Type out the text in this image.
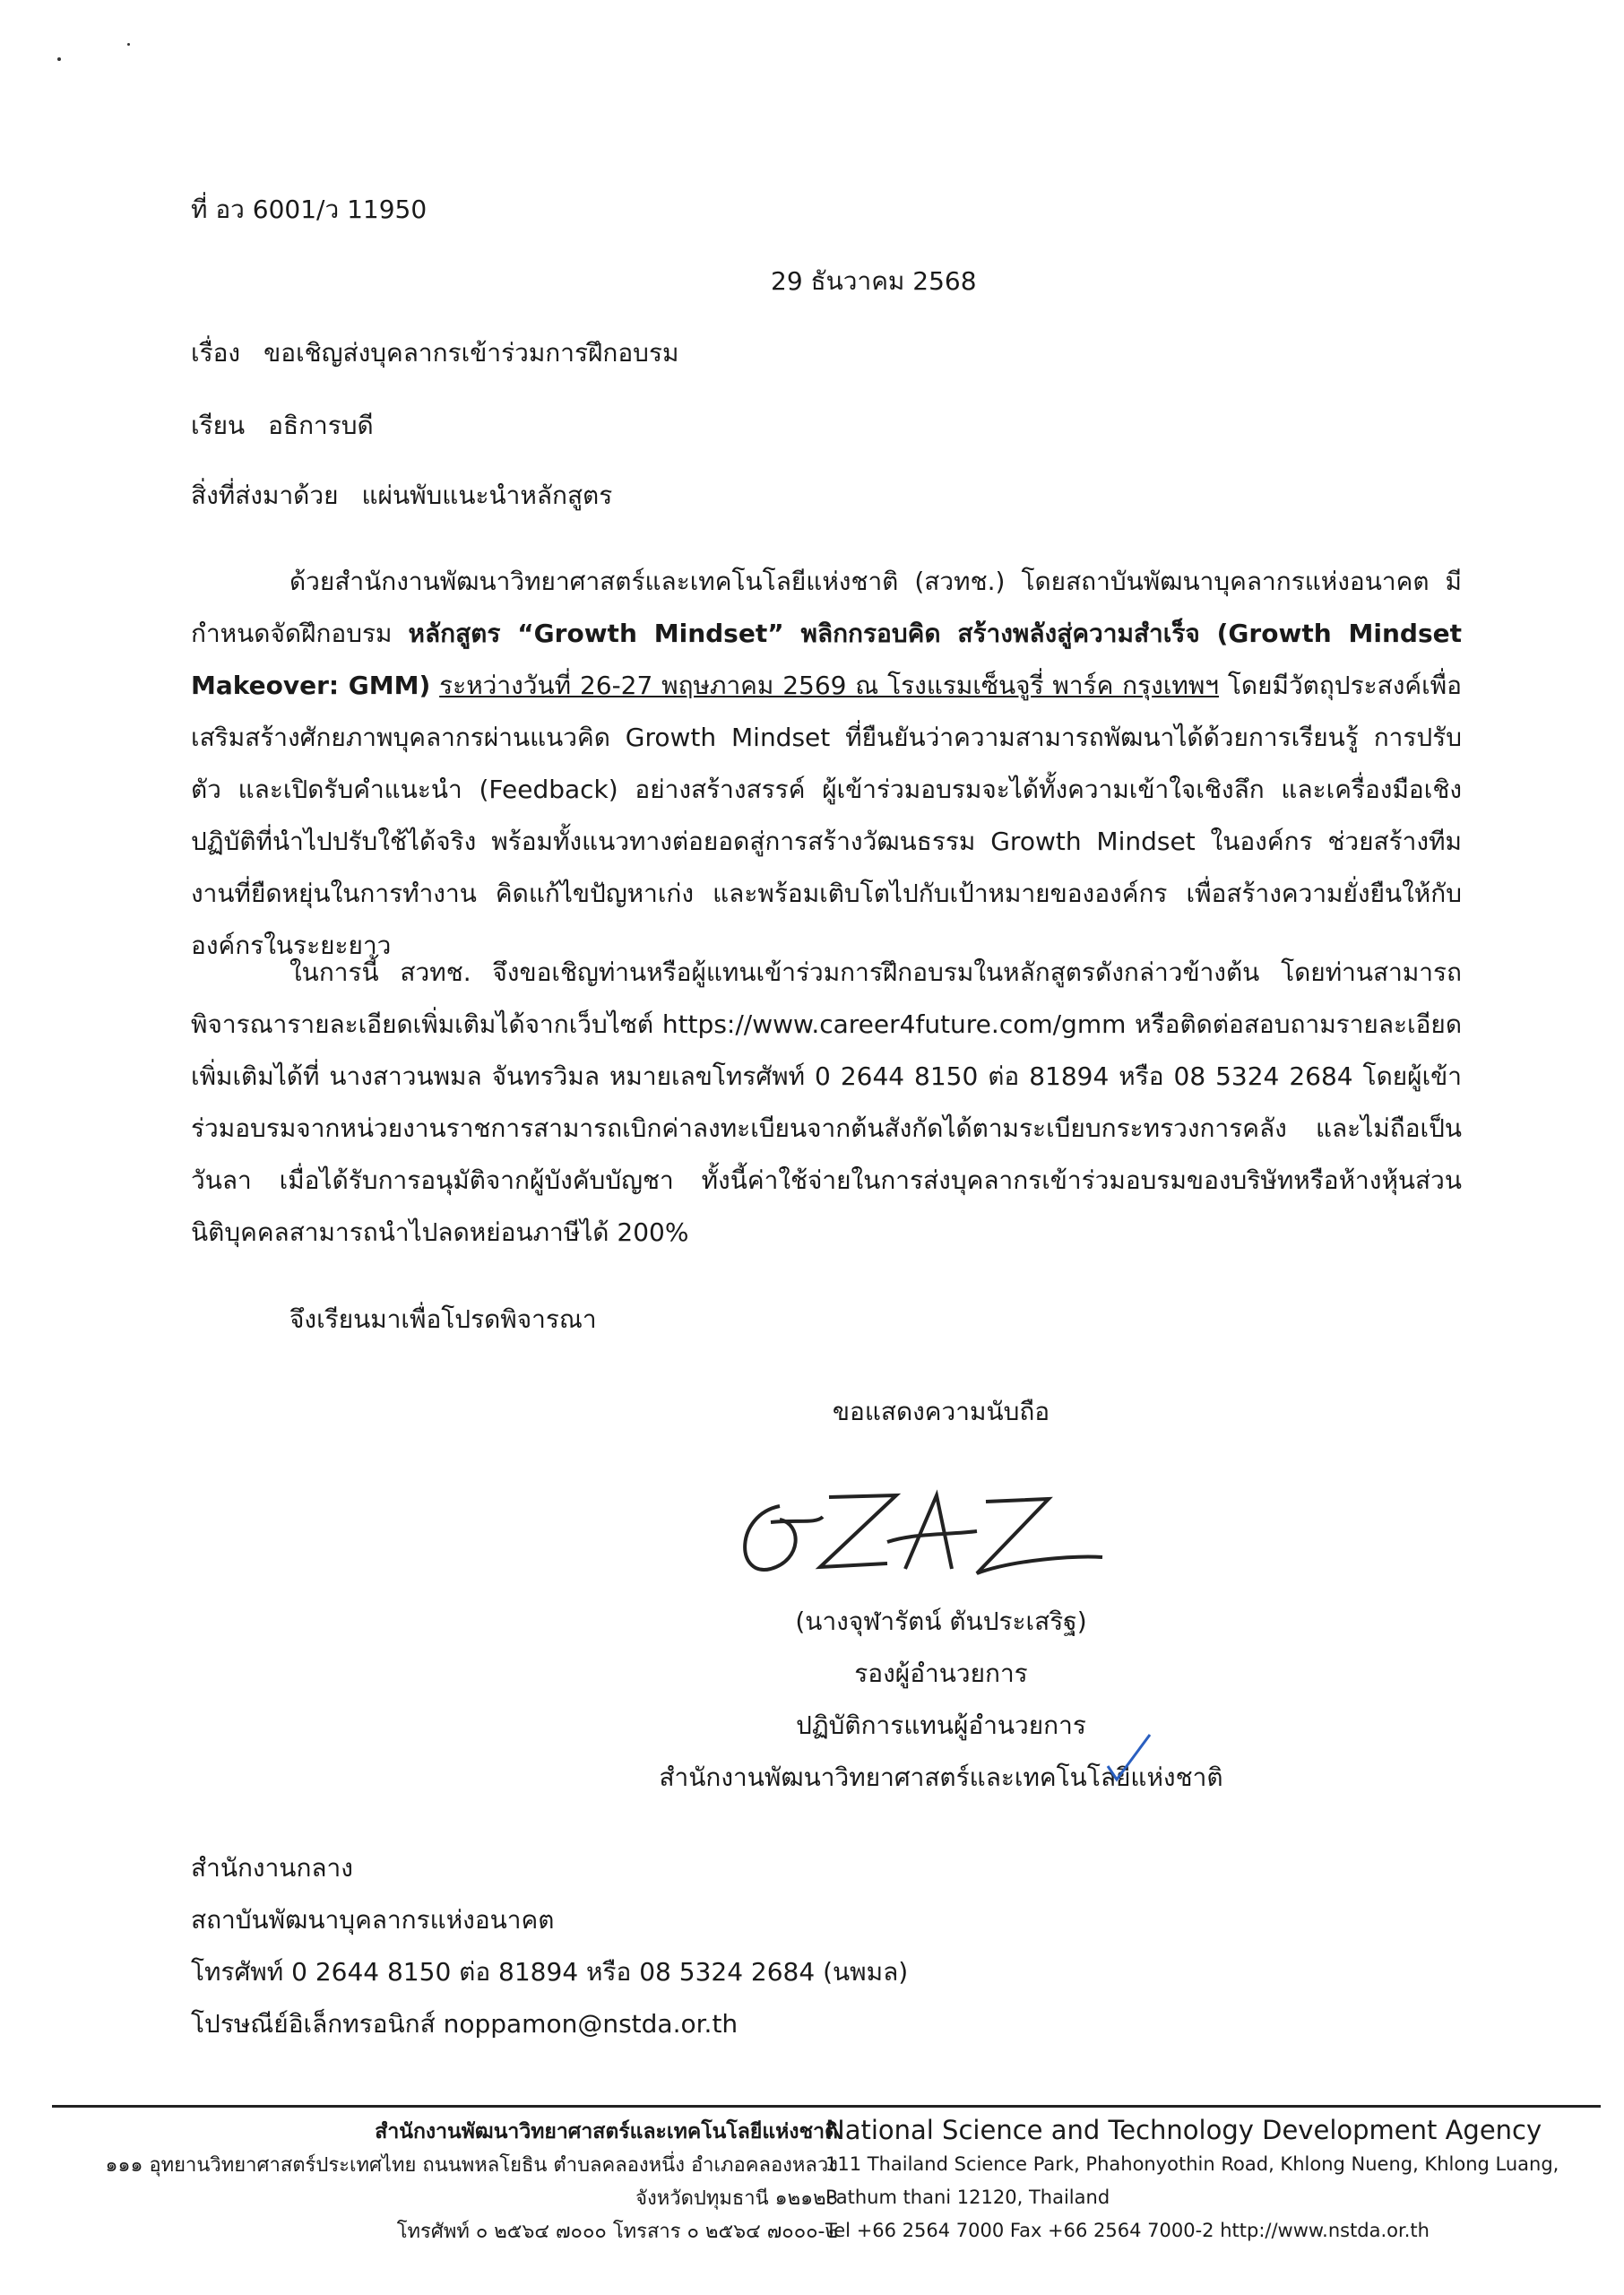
ที่ อว 6001/ว 11950
29 ธันวาคม 2568
เรื่อง ขอเชิญส่งบุคลากรเข้าร่วมการฝึกอบรม
เรียน อธิการบดี
สิ่งที่ส่งมาด้วย แผ่นพับแนะนำหลักสูตร

ด้วยสำนักงานพัฒนาวิทยาศาสตร์และเทคโนโลยีแห่งชาติ (สวทช.) โดยสถาบันพัฒนาบุคลากรแห่งอนาคต มีกำหนดจัดฝึกอบรม หลักสูตร “Growth Mindset” พลิกกรอบคิด สร้างพลังสู่ความสำเร็จ (Growth Mindset Makeover: GMM) ระหว่างวันที่ 26-27 พฤษภาคม 2569 ณ โรงแรมเซ็นจูรี่ พาร์ค กรุงเทพฯ โดยมีวัตถุประสงค์เพื่อเสริมสร้างศักยภาพบุคลากรผ่านแนวคิด Growth Mindset ที่ยืนยันว่าความสามารถพัฒนาได้ด้วยการเรียนรู้ การปรับตัว และเปิดรับคำแนะนำ (Feedback) อย่างสร้างสรรค์ ผู้เข้าร่วมอบรมจะได้ทั้งความเข้าใจเชิงลึก และเครื่องมือเชิงปฏิบัติที่นำไปปรับใช้ได้จริง พร้อมทั้งแนวทางต่อยอดสู่การสร้างวัฒนธรรม Growth Mindset ในองค์กร ช่วยสร้างทีมงานที่ยืดหยุ่นในการทำงาน คิดแก้ไขปัญหาเก่ง และพร้อมเติบโตไปกับเป้าหมายขององค์กร เพื่อสร้างความยั่งยืนให้กับองค์กรในระยะยาว

ในการนี้ สวทช. จึงขอเชิญท่านหรือผู้แทนเข้าร่วมการฝึกอบรมในหลักสูตรดังกล่าวข้างต้น โดยท่านสามารถพิจารณารายละเอียดเพิ่มเติมได้จากเว็บไซต์ https://www.career4future.com/gmm หรือติดต่อสอบถามรายละเอียดเพิ่มเติมได้ที่ นางสาวนพมล จันทรวิมล หมายเลขโทรศัพท์ 0 2644 8150 ต่อ 81894 หรือ 08 5324 2684 โดยผู้เข้าร่วมอบรมจากหน่วยงานราชการสามารถเบิกค่าลงทะเบียนจากต้นสังกัดได้ตามระเบียบกระทรวงการคลัง และไม่ถือเป็นวันลา เมื่อได้รับการอนุมัติจากผู้บังคับบัญชา ทั้งนี้ค่าใช้จ่ายในการส่งบุคลากรเข้าร่วมอบรมของบริษัทหรือห้างหุ้นส่วนนิติบุคคลสามารถนำไปลดหย่อนภาษีได้ 200%

จึงเรียนมาเพื่อโปรดพิจารณา

ขอแสดงความนับถือ
(นางจุฬารัตน์ ตันประเสริฐ)
รองผู้อำนวยการ
ปฏิบัติการแทนผู้อำนวยการ
สำนักงานพัฒนาวิทยาศาสตร์และเทคโนโลยีแห่งชาติ
สำนักงานกลาง
สถาบันพัฒนาบุคลากรแห่งอนาคต
โทรศัพท์ 0 2644 8150 ต่อ 81894 หรือ 08 5324 2684 (นพมล)
โปรษณีย์อิเล็กทรอนิกส์ noppamon@nstda.or.th
สำนักงานพัฒนาวิทยาศาสตร์และเทคโนโลยีแห่งชาติ
๑๑๑ อุทยานวิทยาศาสตร์ประเทศไทย ถนนพหลโยธิน ตำบลคลองหนึ่ง อำเภอคลองหลวง
จังหวัดปทุมธานี ๑๒๑๒๐
โทรศัพท์ ๐ ๒๕๖๔ ๗๐๐๐ โทรสาร ๐ ๒๕๖๔ ๗๐๐๐-๒
National Science and Technology Development Agency
111 Thailand Science Park, Phahonyothin Road, Khlong Nueng, Khlong Luang,
Pathum thani 12120, Thailand
Tel +66 2564 7000 Fax +66 2564 7000-2 http://www.nstda.or.th
